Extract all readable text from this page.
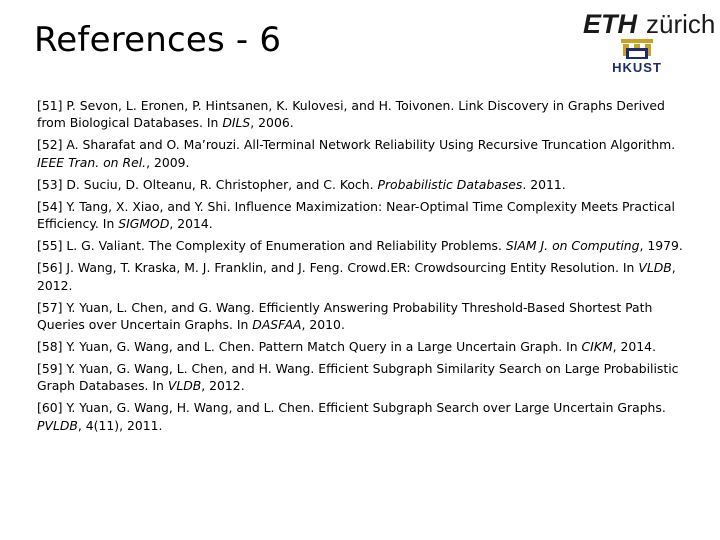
References - 6	ETH zürich
HKUST

[51] P. Sevon, L. Eronen, P. Hintsanen, K. Kulovesi, and H. Toivonen. Link Discovery in Graphs Derived from Biological Databases. In DILS, 2006.

[52] A. Sharafat and O. Ma’rouzi. All-Terminal Network Reliability Using Recursive Truncation Algorithm. IEEE Tran. on Rel., 2009.

[53] D. Suciu, D. Olteanu, R. Christopher, and C. Koch. Probabilistic Databases. 2011.

[54] Y. Tang, X. Xiao, and Y. Shi. Influence Maximization: Near-Optimal Time Complexity Meets Practical Efficiency. In SIGMOD, 2014.

[55] L. G. Valiant. The Complexity of Enumeration and Reliability Problems. SIAM J. on Computing, 1979.

[56] J. Wang, T. Kraska, M. J. Franklin, and J. Feng. Crowd.ER: Crowdsourcing Entity Resolution. In VLDB, 2012.

[57] Y. Yuan, L. Chen, and G. Wang. Efficiently Answering Probability Threshold-Based Shortest Path Queries over Uncertain Graphs. In DASFAA, 2010.

[58] Y. Yuan, G. Wang, and L. Chen. Pattern Match Query in a Large Uncertain Graph. In CIKM, 2014.

[59] Y. Yuan, G. Wang, L. Chen, and H. Wang. Efficient Subgraph Similarity Search on Large Probabilistic Graph Databases. In VLDB, 2012.

[60] Y. Yuan, G. Wang, H. Wang, and L. Chen. Efficient Subgraph Search over Large Uncertain Graphs. PVLDB, 4(11), 2011.
